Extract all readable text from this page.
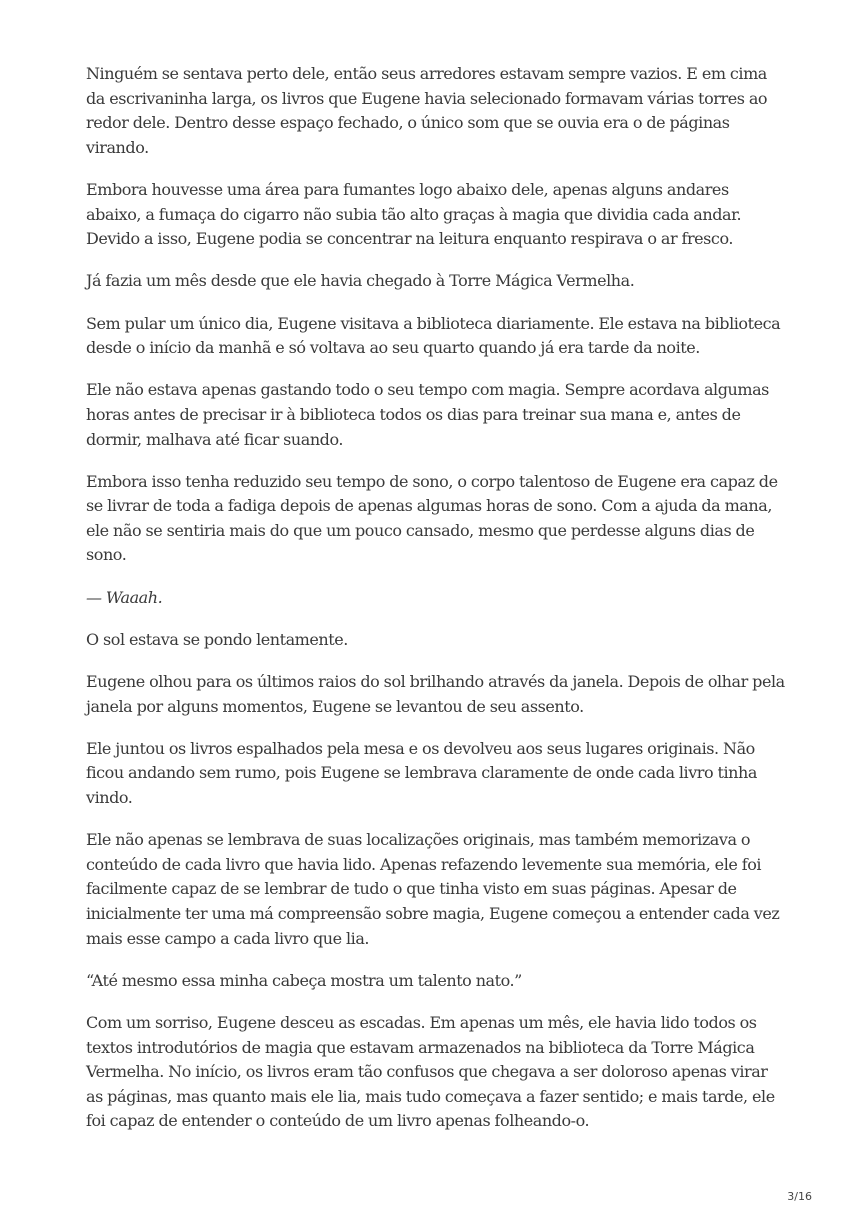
Ninguém se sentava perto dele, então seus arredores estavam sempre vazios. E em cima da escrivaninha larga, os livros que Eugene havia selecionado formavam várias torres ao redor dele. Dentro desse espaço fechado, o único som que se ouvia era o de páginas virando.

Embora houvesse uma área para fumantes logo abaixo dele, apenas alguns andares abaixo, a fumaça do cigarro não subia tão alto graças à magia que dividia cada andar. Devido a isso, Eugene podia se concentrar na leitura enquanto respirava o ar fresco.

Já fazia um mês desde que ele havia chegado à Torre Mágica Vermelha.

Sem pular um único dia, Eugene visitava a biblioteca diariamente. Ele estava na biblioteca desde o início da manhã e só voltava ao seu quarto quando já era tarde da noite.

Ele não estava apenas gastando todo o seu tempo com magia. Sempre acordava algumas horas antes de precisar ir à biblioteca todos os dias para treinar sua mana e, antes de dormir, malhava até ficar suando.

Embora isso tenha reduzido seu tempo de sono, o corpo talentoso de Eugene era capaz de se livrar de toda a fadiga depois de apenas algumas horas de sono. Com a ajuda da mana, ele não se sentiria mais do que um pouco cansado, mesmo que perdesse alguns dias de sono.

— Waaah.

O sol estava se pondo lentamente.

Eugene olhou para os últimos raios do sol brilhando através da janela. Depois de olhar pela janela por alguns momentos, Eugene se levantou de seu assento.

Ele juntou os livros espalhados pela mesa e os devolveu aos seus lugares originais. Não ficou andando sem rumo, pois Eugene se lembrava claramente de onde cada livro tinha vindo.

Ele não apenas se lembrava de suas localizações originais, mas também memorizava o conteúdo de cada livro que havia lido. Apenas refazendo levemente sua memória, ele foi facilmente capaz de se lembrar de tudo o que tinha visto em suas páginas. Apesar de inicialmente ter uma má compreensão sobre magia, Eugene começou a entender cada vez mais esse campo a cada livro que lia.

“Até mesmo essa minha cabeça mostra um talento nato.”

Com um sorriso, Eugene desceu as escadas. Em apenas um mês, ele havia lido todos os textos introdutórios de magia que estavam armazenados na biblioteca da Torre Mágica Vermelha. No início, os livros eram tão confusos que chegava a ser doloroso apenas virar as páginas, mas quanto mais ele lia, mais tudo começava a fazer sentido; e mais tarde, ele foi capaz de entender o conteúdo de um livro apenas folheando-o.

3/16
